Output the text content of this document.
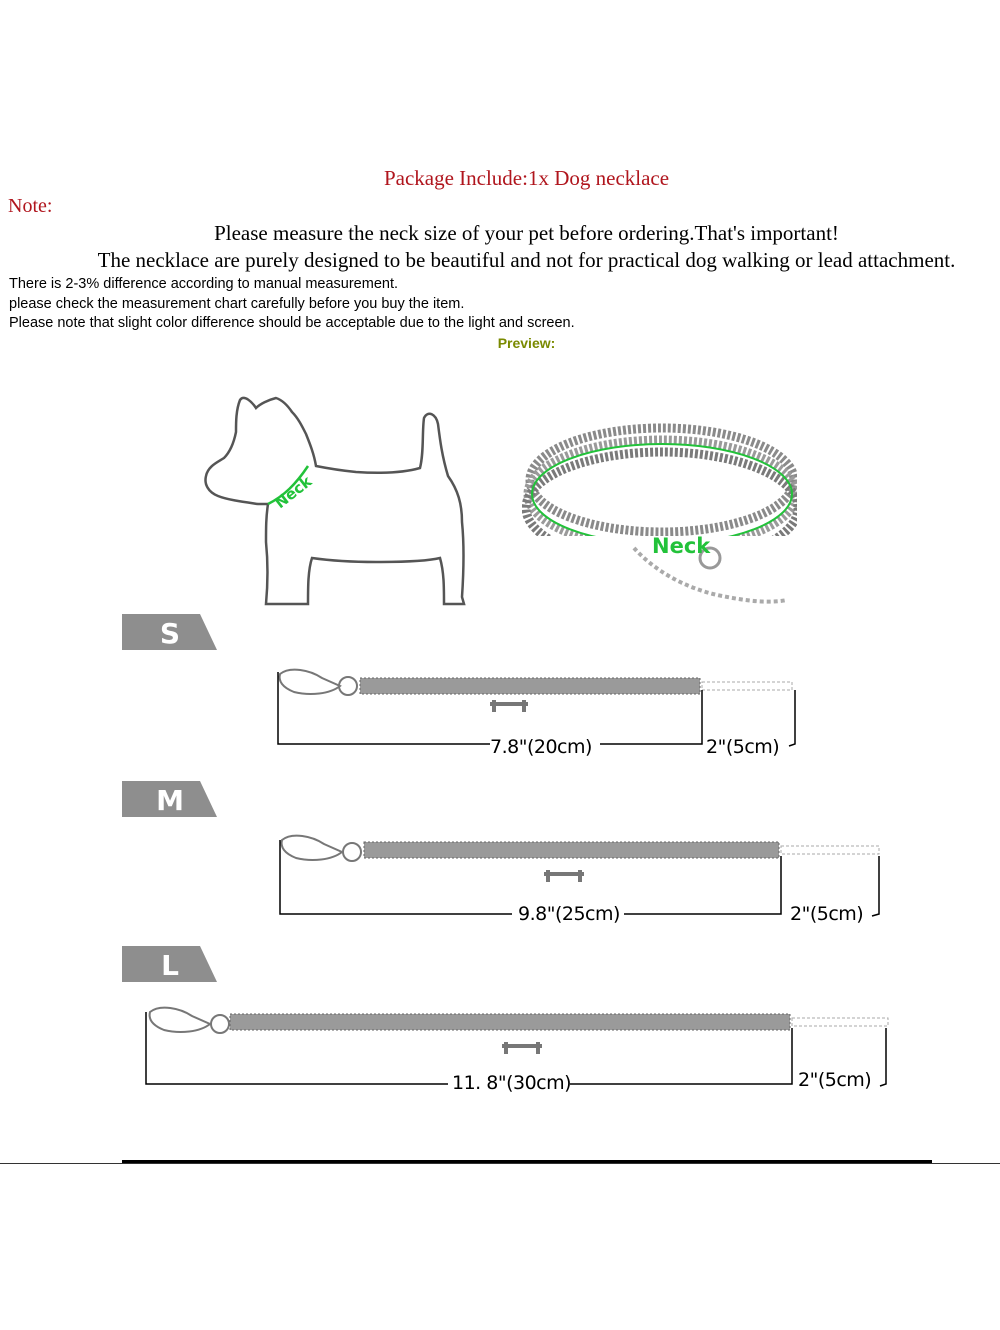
Package Include:1x Dog necklace
Note:
Please measure the neck size of your pet before ordering.That's important!
The necklace are purely designed to be beautiful and not for practical dog walking or lead attachment.
There is 2-3% difference according to manual measurement.
please check the measurement chart carefully before you buy the item.
Please note that slight color difference should be acceptable due to the light and screen.
Preview:
Neck
Neck
S
M
L
7.8"(20cm)	2"(5cm)
9.8"(25cm)	2"(5cm)
11. 8"(30cm)	2"(5cm)
